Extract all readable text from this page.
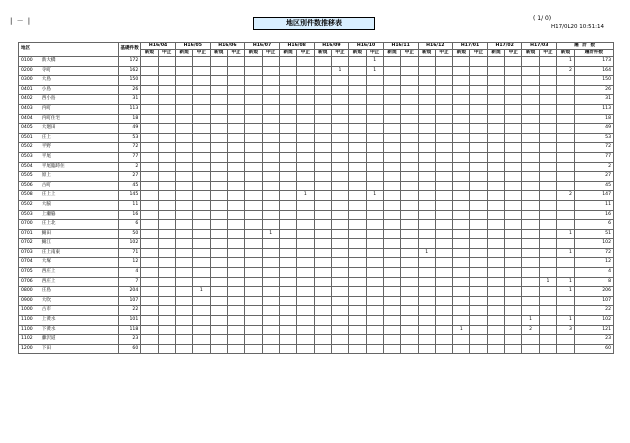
| － |	地区別件数推移表
( 1/ 0)
H17/0L20 10:51:14
地区		基礎件数	H16/04		H16/05		H16/06		H16/07		H16/08		H16/09		H16/10		H16/11		H16/12		H17/01		H17/02		H17/03		趨 計 数	
			新規	中止	新規	中止	新規	中止	新規	中止	新規	中止	新規	中止	新規	中止	新規	中止	新規	中止	新規	中止	新規	中止	新規	中止	新規	趨計件数
0100	新大橋	172														1											1	173
0200	寺町	162												1		1											2	164
0300	大島	150																										150
0401	小島	26																										26
0402	西小島	31																										31
0403	内町	113																										113
0404	内町住宅	18																										18
0405	大廻田	49																										49
0501	庄上	53																										53
0502	平野	72																										72
0503	平尾	77																										77
0504	平尾臨時住	2																										2
0505	原上	27																										27
0506	古町	45																										45
0508	庄上上	145										1				1											2	147
0502	大脇	11																										11
0503	上瀬脇	16																										16
0700	庄上北	6																										6
0701	鯖田	50								1																	1	51
0702	鯖江	102																										102
0703	庄上南東	71																	1								1	72
0704	大塚	12																										12
0705	西庄上	4																										4
0706	西庄上	7																								1	1	8
0800	庄島	204				1																					1	206
0900	大吹	107																										107
1000	古市	22																										22
1100	上黄水	101																							1		1	102
1100	下黄水	118																			1				2		3	121
1102	藤沢道	23																										23
1200	下田	60																										60
